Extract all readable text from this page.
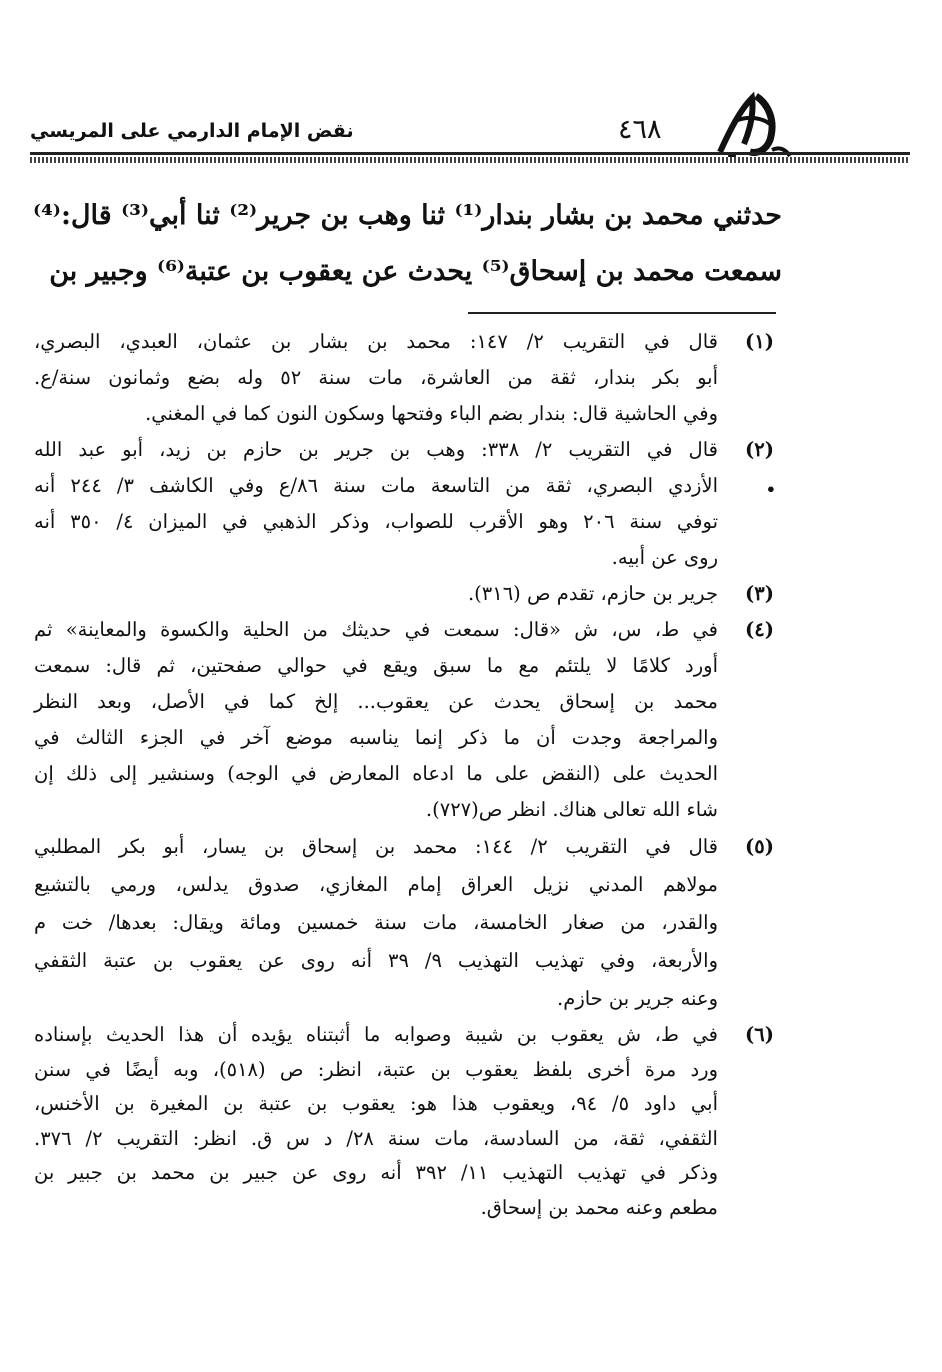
نقض الإمام الدارمي على المريسي	٤٦٨
حدثني محمد بن بشار بندار⁽¹⁾ ثنا وهب بن جرير⁽²⁾ ثنا أبي⁽³⁾ قال:⁽⁴⁾
سمعت محمد بن إسحاق⁽⁵⁾ يحدث عن يعقوب بن عتبة⁽⁶⁾ وجبير بن
(١)
قال في التقريب ٢/ ١٤٧: محمد بن بشار بن عثمان، العبدي، البصري،
أبو بكر بندار، ثقة من العاشرة، مات سنة ٥٢ وله بضع وثمانون سنة/ع.
وفي الحاشية قال: بندار بضم الباء وفتحها وسكون النون كما في المغني.
(٢)
•
قال في التقريب ٢/ ٣٣٨: وهب بن جرير بن حازم بن زيد، أبو عبد الله
الأزدي البصري، ثقة من التاسعة مات سنة ٨٦/ع وفي الكاشف ٣/ ٢٤٤ أنه
توفي سنة ٢٠٦ وهو الأقرب للصواب، وذكر الذهبي في الميزان ٤/ ٣٥٠ أنه
روى عن أبيه.
(٣)
جرير بن حازم، تقدم ص (٣١٦).
(٤)
في ط، س، ش «قال: سمعت في حديثك من الحلية والكسوة والمعاينة» ثم
أورد كلامًا لا يلتئم مع ما سبق ويقع في حوالي صفحتين، ثم قال: سمعت
محمد بن إسحاق يحدث عن يعقوب... إلخ كما في الأصل، وبعد النظر
والمراجعة وجدت أن ما ذكر إنما يناسبه موضع آخر في الجزء الثالث في
الحديث على (النقض على ما ادعاه المعارض في الوجه) وسنشير إلى ذلك إن
شاء الله تعالى هناك. انظر ص(٧٢٧).
(٥)
قال في التقريب ٢/ ١٤٤: محمد بن إسحاق بن يسار، أبو بكر المطلبي
مولاهم المدني نزيل العراق إمام المغازي، صدوق يدلس، ورمي بالتشيع
والقدر، من صغار الخامسة، مات سنة خمسين ومائة ويقال: بعدها/ خت م
والأربعة، وفي تهذيب التهذيب ٩/ ٣٩ أنه روى عن يعقوب بن عتبة الثقفي
وعنه جرير بن حازم.
(٦)
في ط، ش يعقوب بن شيبة وصوابه ما أثبتناه يؤيده أن هذا الحديث بإسناده
ورد مرة أخرى بلفظ يعقوب بن عتبة، انظر: ص (٥١٨)، وبه أيضًا في سنن
أبي داود ٥/ ٩٤، ويعقوب هذا هو: يعقوب بن عتبة بن المغيرة بن الأخنس،
الثقفي، ثقة، من السادسة، مات سنة ٢٨/ د س ق. انظر: التقريب ٢/ ٣٧٦.
وذكر في تهذيب التهذيب ١١/ ٣٩٢ أنه روى عن جبير بن محمد بن جبير بن
مطعم وعنه محمد بن إسحاق.
